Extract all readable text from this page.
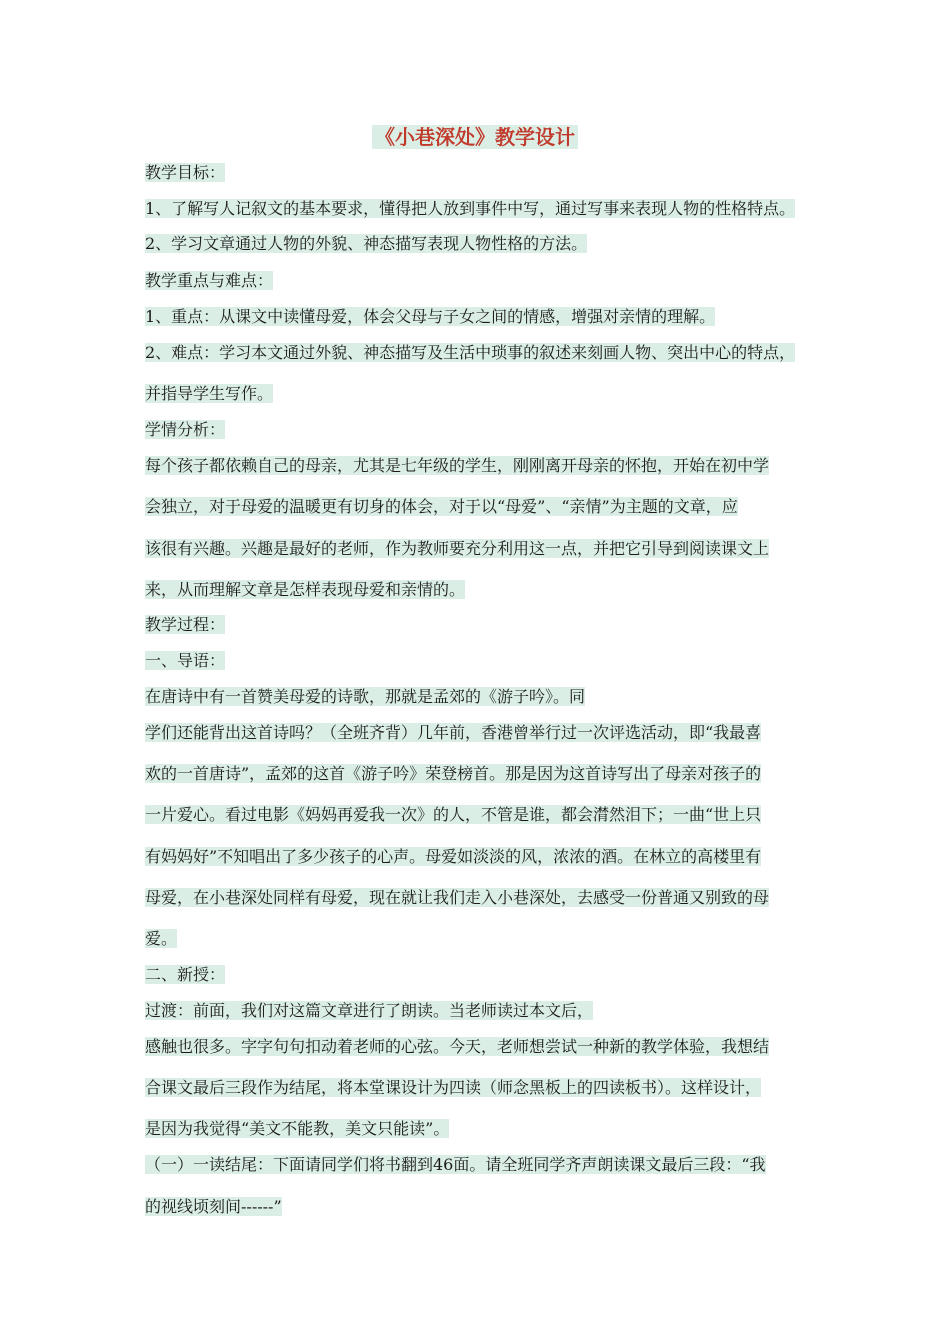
《小巷深处》教学设计
教学目标：
1、了解写人记叙文的基本要求，懂得把人放到事件中写，通过写事来表现人物的性格特点。
2、学习文章通过人物的外貌、神态描写表现人物性格的方法。
教学重点与难点：
1、重点：从课文中读懂母爱，体会父母与子女之间的情感，增强对亲情的理解。
2、难点：学习本文通过外貌、神态描写及生活中琐事的叙述来刻画人物、突出中心的特点，
并指导学生写作。
学情分析：
每个孩子都依赖自己的母亲，尤其是七年级的学生，刚刚离开母亲的怀抱，开始在初中学
会独立，对于母爱的温暖更有切身的体会，对于以“母爱”、“亲情”为主题的文章，应
该很有兴趣。兴趣是最好的老师，作为教师要充分利用这一点，并把它引导到阅读课文上
来，从而理解文章是怎样表现母爱和亲情的。
教学过程：
一、导语：
在唐诗中有一首赞美母爱的诗歌，那就是孟郊的《游子吟》。同
学们还能背出这首诗吗？（全班齐背）几年前，香港曾举行过一次评选活动，即“我最喜
欢的一首唐诗”，孟郊的这首《游子吟》荣登榜首。那是因为这首诗写出了母亲对孩子的
一片爱心。看过电影《妈妈再爱我一次》的人，不管是谁，都会潸然泪下；一曲“世上只
有妈妈好”不知唱出了多少孩子的心声。母爱如淡淡的风，浓浓的酒。在林立的高楼里有
母爱，在小巷深处同样有母爱，现在就让我们走入小巷深处，去感受一份普通又别致的母
爱。
二、新授：
过渡：前面，我们对这篇文章进行了朗读。当老师读过本文后，
感触也很多。字字句句扣动着老师的心弦。今天，老师想尝试一种新的教学体验，我想结
合课文最后三段作为结尾，将本堂课设计为四读（师念黑板上的四读板书）。这样设计，
是因为我觉得“美文不能教，美文只能读”。
（一）一读结尾：下面请同学们将书翻到46面。请全班同学齐声朗读课文最后三段：“我
的视线顷刻间------”
